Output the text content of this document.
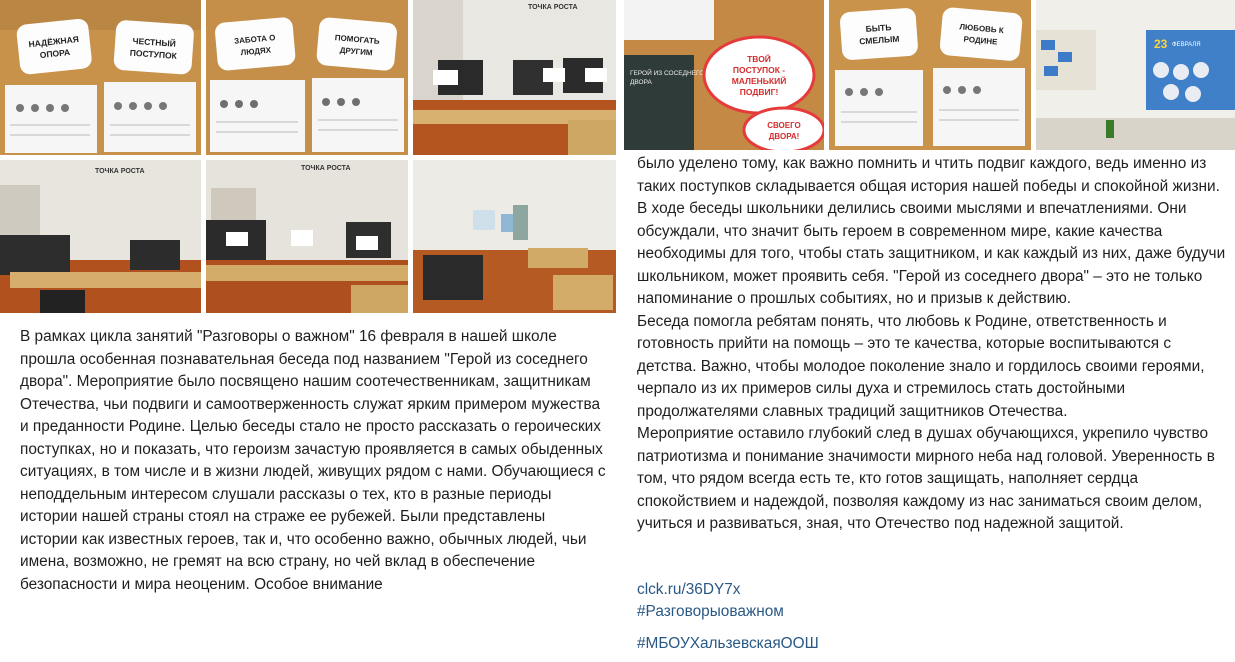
НАДЁЖНАЯ
ОПОРА
ЧЕСТНЫЙ
ПОСТУПОК
ЗАБОТА О
ЛЮДЯХ
ПОМОГАТЬ
ДРУГИМ
ТОЧКА РОСТА
ТОЧКА РОСТА	ТОЧКА РОСТА

В рамках цикла занятий "Разговоры о важном" 16 февраля в нашей школе прошла особенная познавательная беседа под названием "Герой из соседнего двора". Мероприятие было посвящено нашим соотечественникам, защитникам Отечества, чьи подвиги и самоотверженность служат ярким примером мужества и преданности Родине. Целью беседы стало не просто рассказать о героических поступках, но и показать, что героизм зачастую проявляется в самых обыденных ситуациях, в том числе и в жизни людей, живущих рядом с нами. Обучающиеся с неподдельным интересом слушали рассказы о тех, кто в разные периоды истории нашей страны стоял на страже ее рубежей. Были представлены истории как известных героев, так и, что особенно важно, обычных людей, чьи имена, возможно, не гремят на всю страну, но чей вклад в обеспечение безопасности и мира неоценим. Особое внимание

ГЕРОЙ ИЗ СОСЕДНЕГО
ДВОРА
ТВОЙ
ПОСТУПОК -
МАЛЕНЬКИЙ
ПОДВИГ!
СВОЕГО
ДВОРА!
БЫТЬ
СМЕЛЫМ
ЛЮБОВЬ К
РОДИНЕ	23 ФЕВРАЛЯ

было уделено тому, как важно помнить и чтить подвиг каждого, ведь именно из таких поступков складывается общая история нашей победы и спокойной жизни.

В ходе беседы школьники делились своими мыслями и впечатлениями. Они обсуждали, что значит быть героем в современном мире, какие качества необходимы для того, чтобы стать защитником, и как каждый из них, даже будучи школьником, может проявить себя. "Герой из соседнего двора" – это не только напоминание о прошлых событиях, но и призыв к действию.

Беседа помогла ребятам понять, что любовь к Родине, ответственность и готовность прийти на помощь – это те качества, которые воспитываются с детства. Важно, чтобы молодое поколение знало и гордилось своими героями, черпало из их примеров силы духа и стремилось стать достойными продолжателями славных традиций защитников Отечества.

Мероприятие оставило глубокий след в душах обучающихся, укрепило чувство патриотизма и понимание значимости мирного неба над головой. Уверенность в том, что рядом всегда есть те, кто готов защищать, наполняет сердца спокойствием и надеждой, позволяя каждому из нас заниматься своим делом, учиться и развиваться, зная, что Отечество под надежной защитой.

clck.ru/36DY7x
#Разговорыоважном
#МБОУХальзевскаяООШ
